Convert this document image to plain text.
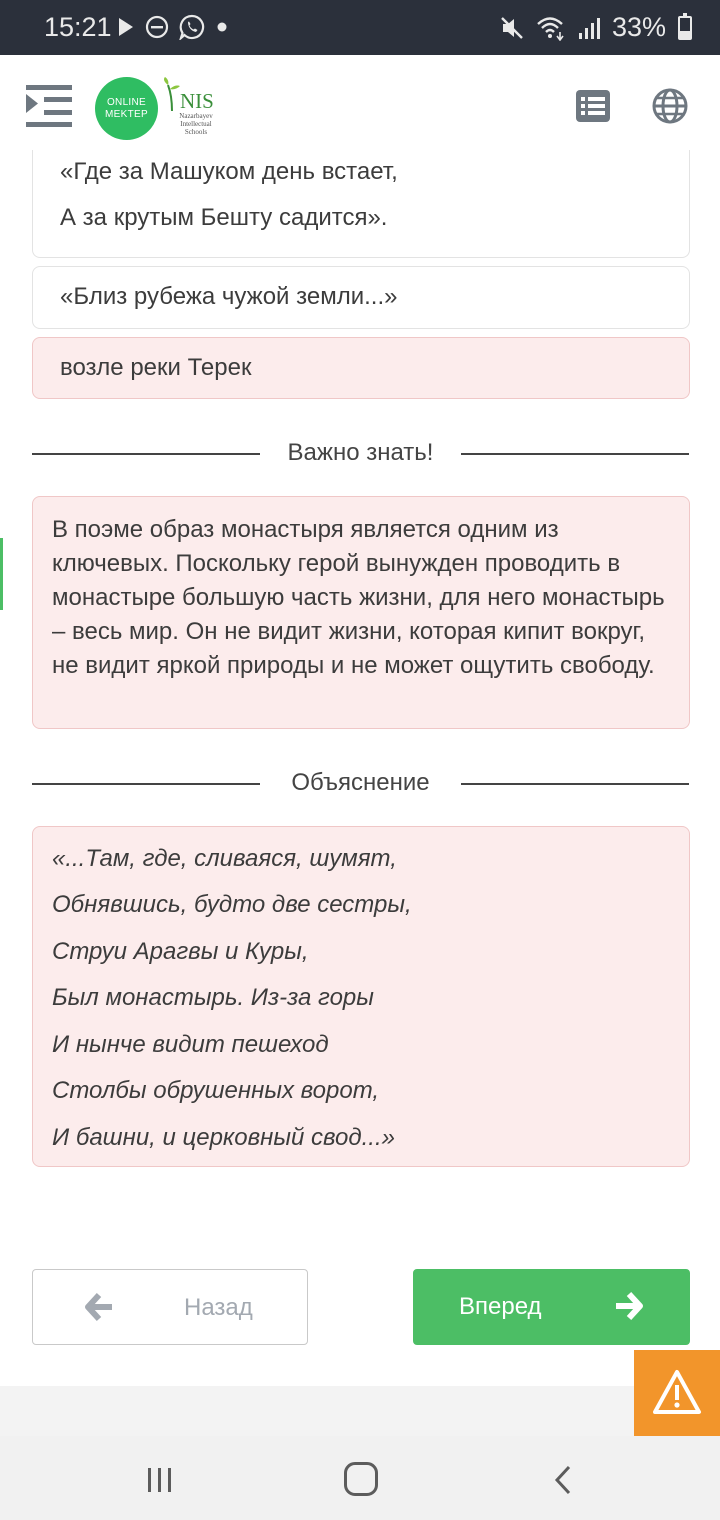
15:21	33%
ONLINE
MEKTEP
NIS
Nazarbayev
Intellectual
Schools
«Где за Машуком день встает,
А за крутым Бешту садится».
«Близ рубежа чужой земли...»
возле реки Терек
Важно знать!

В поэме образ монастыря является одним из ключевых. Поскольку герой вынужден проводить в монастыре большую часть жизни, для него монастырь – весь мир. Он не видит жизни, которая кипит вокруг, не видит яркой природы и не может ощутить свободу.

Объяснение
«...Там, где, сливаяся, шумят,
Обнявшись, будто две сестры,
Струи Арагвы и Куры,
Был монастырь. Из-за горы
И нынче видит пешеход
Столбы обрушенных ворот,
И башни, и церковный свод...»
Назад	Вперед
